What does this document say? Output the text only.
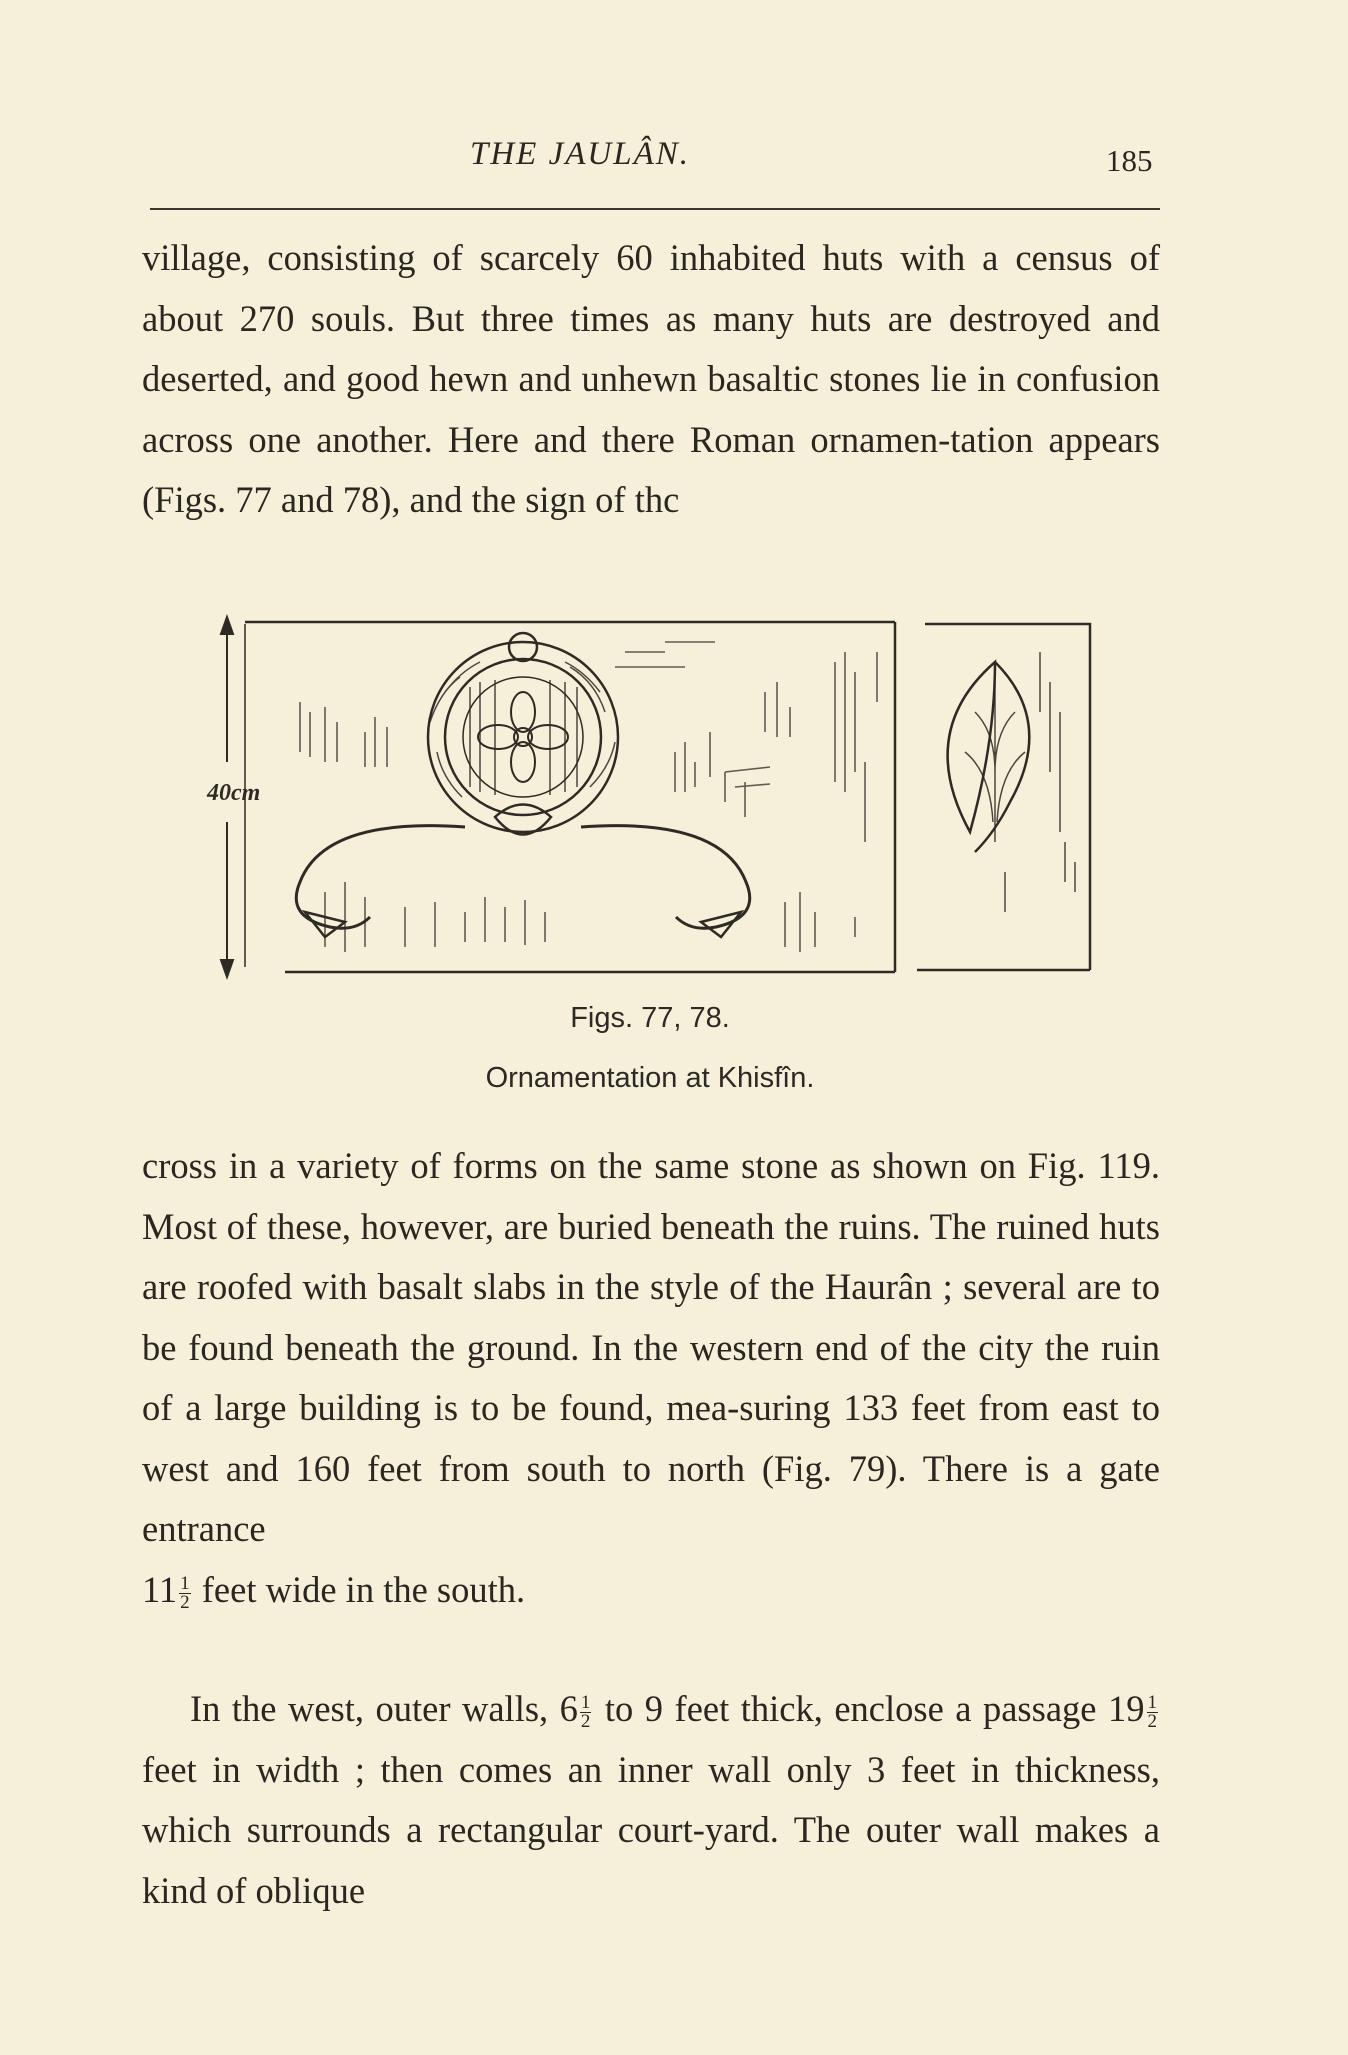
THE JAULÂN.	185

village, consisting of scarcely 60 inhabited huts with a census of about 270 souls. But three times as many huts are destroyed and deserted, and good hewn and unhewn basaltic stones lie in confusion across one another. Here and there Roman ornamen-tation appears (Figs. 77 and 78), and the sign of thc

40cm
Figs. 77, 78.
Ornamentation at Khisfîn.

cross in a variety of forms on the same stone as shown on Fig. 119. Most of these, however, are buried beneath the ruins. The ruined huts are roofed with basalt slabs in the style of the Haurân ; several are to be found beneath the ground. In the western end of the city the ruin of a large building is to be found, mea-suring 133 feet from east to west and 160 feet from south to north (Fig. 79). There is a gate entrance
$11 \frac{1}{2}$ feet wide in the south.

In the west, outer walls, $6 \frac{1}{2}$ to 9 feet thick, enclose a passage $19 \frac{1}{2}$
feet in width ; then comes an inner wall only 3 feet in thickness, which surrounds a rectangular court-yard. The outer wall makes a kind of oblique
